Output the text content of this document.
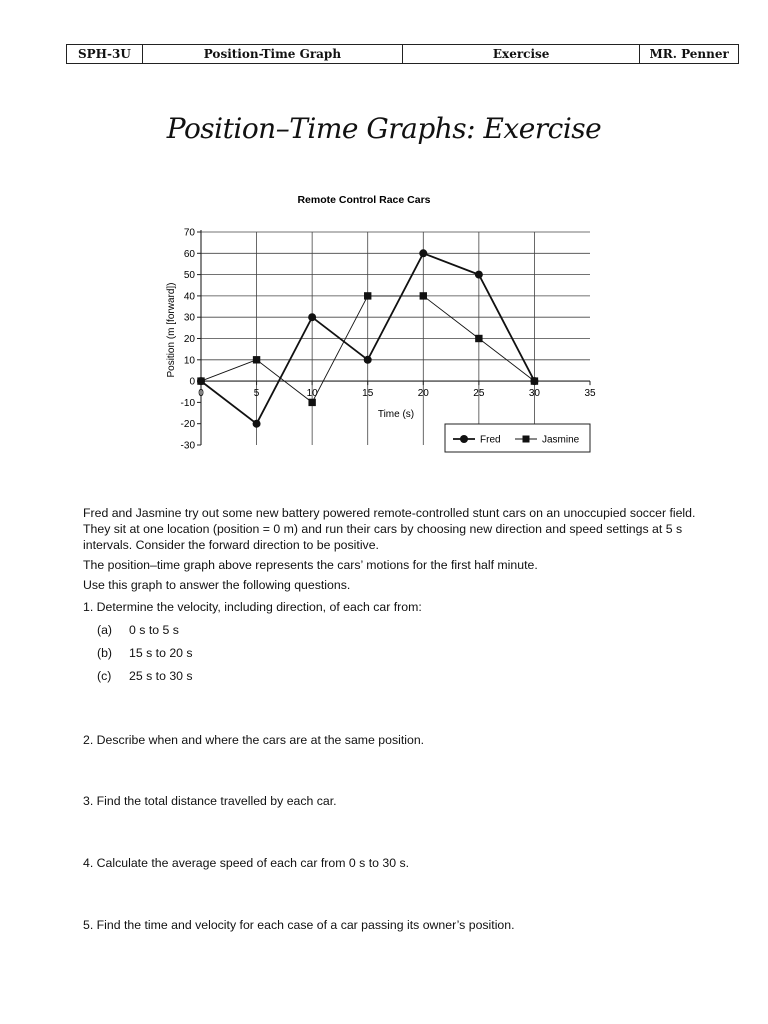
SPH-3U	Position-Time Graph	Exercise	MR. Penner
Position–Time Graphs: Exercise
Remote Control Race Cars
Position (m [forward])
Time (s)
70
60
50
40
30
20
10
0
-10
-20
-30
0	5	10	15	20	25	30	35
Fred	Jasmine

Fred and Jasmine try out some new battery powered remote-controlled stunt cars on an unoccupied soccer field. They sit at one location (position = 0 m) and run their cars by choosing new direction and speed settings at 5 s intervals. Consider the forward direction to be positive.

The position–time graph above represents the cars’ motions for the first half minute.

Use this graph to answer the following questions.

1. Determine the velocity, including direction, of each car from:
(a) 0 s to 5 s
(b) 15 s to 20 s
(c) 25 s to 30 s
2. Describe when and where the cars are at the same position.
3. Find the total distance travelled by each car.
4. Calculate the average speed of each car from 0 s to 30 s.
5. Find the time and velocity for each case of a car passing its owner’s position.
